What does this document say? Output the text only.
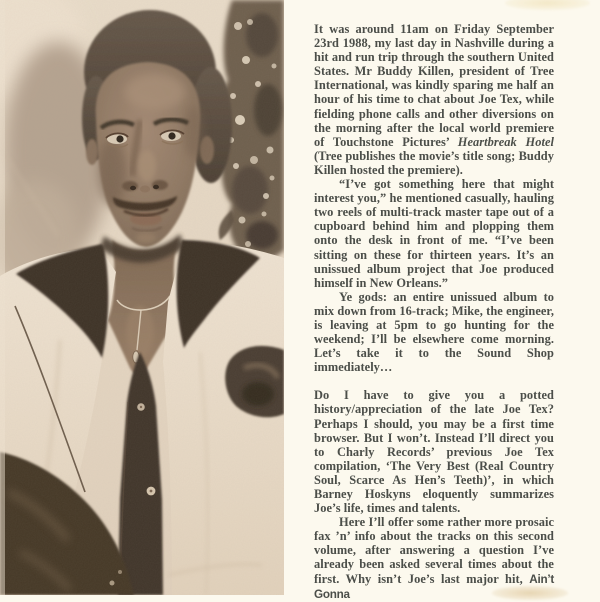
It was around 11am on Friday September 23rd 1988, my last day in Nashville during a hit and run trip through the southern United States. Mr Buddy Killen, president of Tree International, was kindly sparing me half an hour of his time to chat about Joe Tex, while fielding phone calls and other diversions on the morning after the local world premiere of Touchstone Pictures’ Heartbreak Hotel (Tree publishes the movie’s title song; Buddy Killen hosted the premiere).

“I’ve got something here that might interest you,” he mentioned casually, hauling two reels of multi-track master tape out of a cupboard behind him and plopping them onto the desk in front of me. “I’ve been sitting on these for thirteen years. It’s an unissued album project that Joe produced himself in New Orleans.”

Ye gods: an entire unissued album to mix down from 16-track; Mike, the engineer, is leaving at 5pm to go hunting for the weekend; I’ll be elsewhere come morning. Let’s take it to the Sound Shop immediately…

Do I have to give you a potted history/appreciation of the late Joe Tex? Perhaps I should, you may be a first time browser. But I won’t. Instead I’ll direct you to Charly Records’ previous Joe Tex compilation, ‘The Very Best (Real Country Soul, Scarce As Hen’s Teeth)’, in which Barney Hoskyns eloquently summarizes Joe’s life, times and talents.

Here I’ll offer some rather more prosaic fax ’n’ info about the tracks on this second volume, after answering a question I’ve already been asked several times about the first. Why isn’t Joe’s last major hit, Ain’t Gonna
